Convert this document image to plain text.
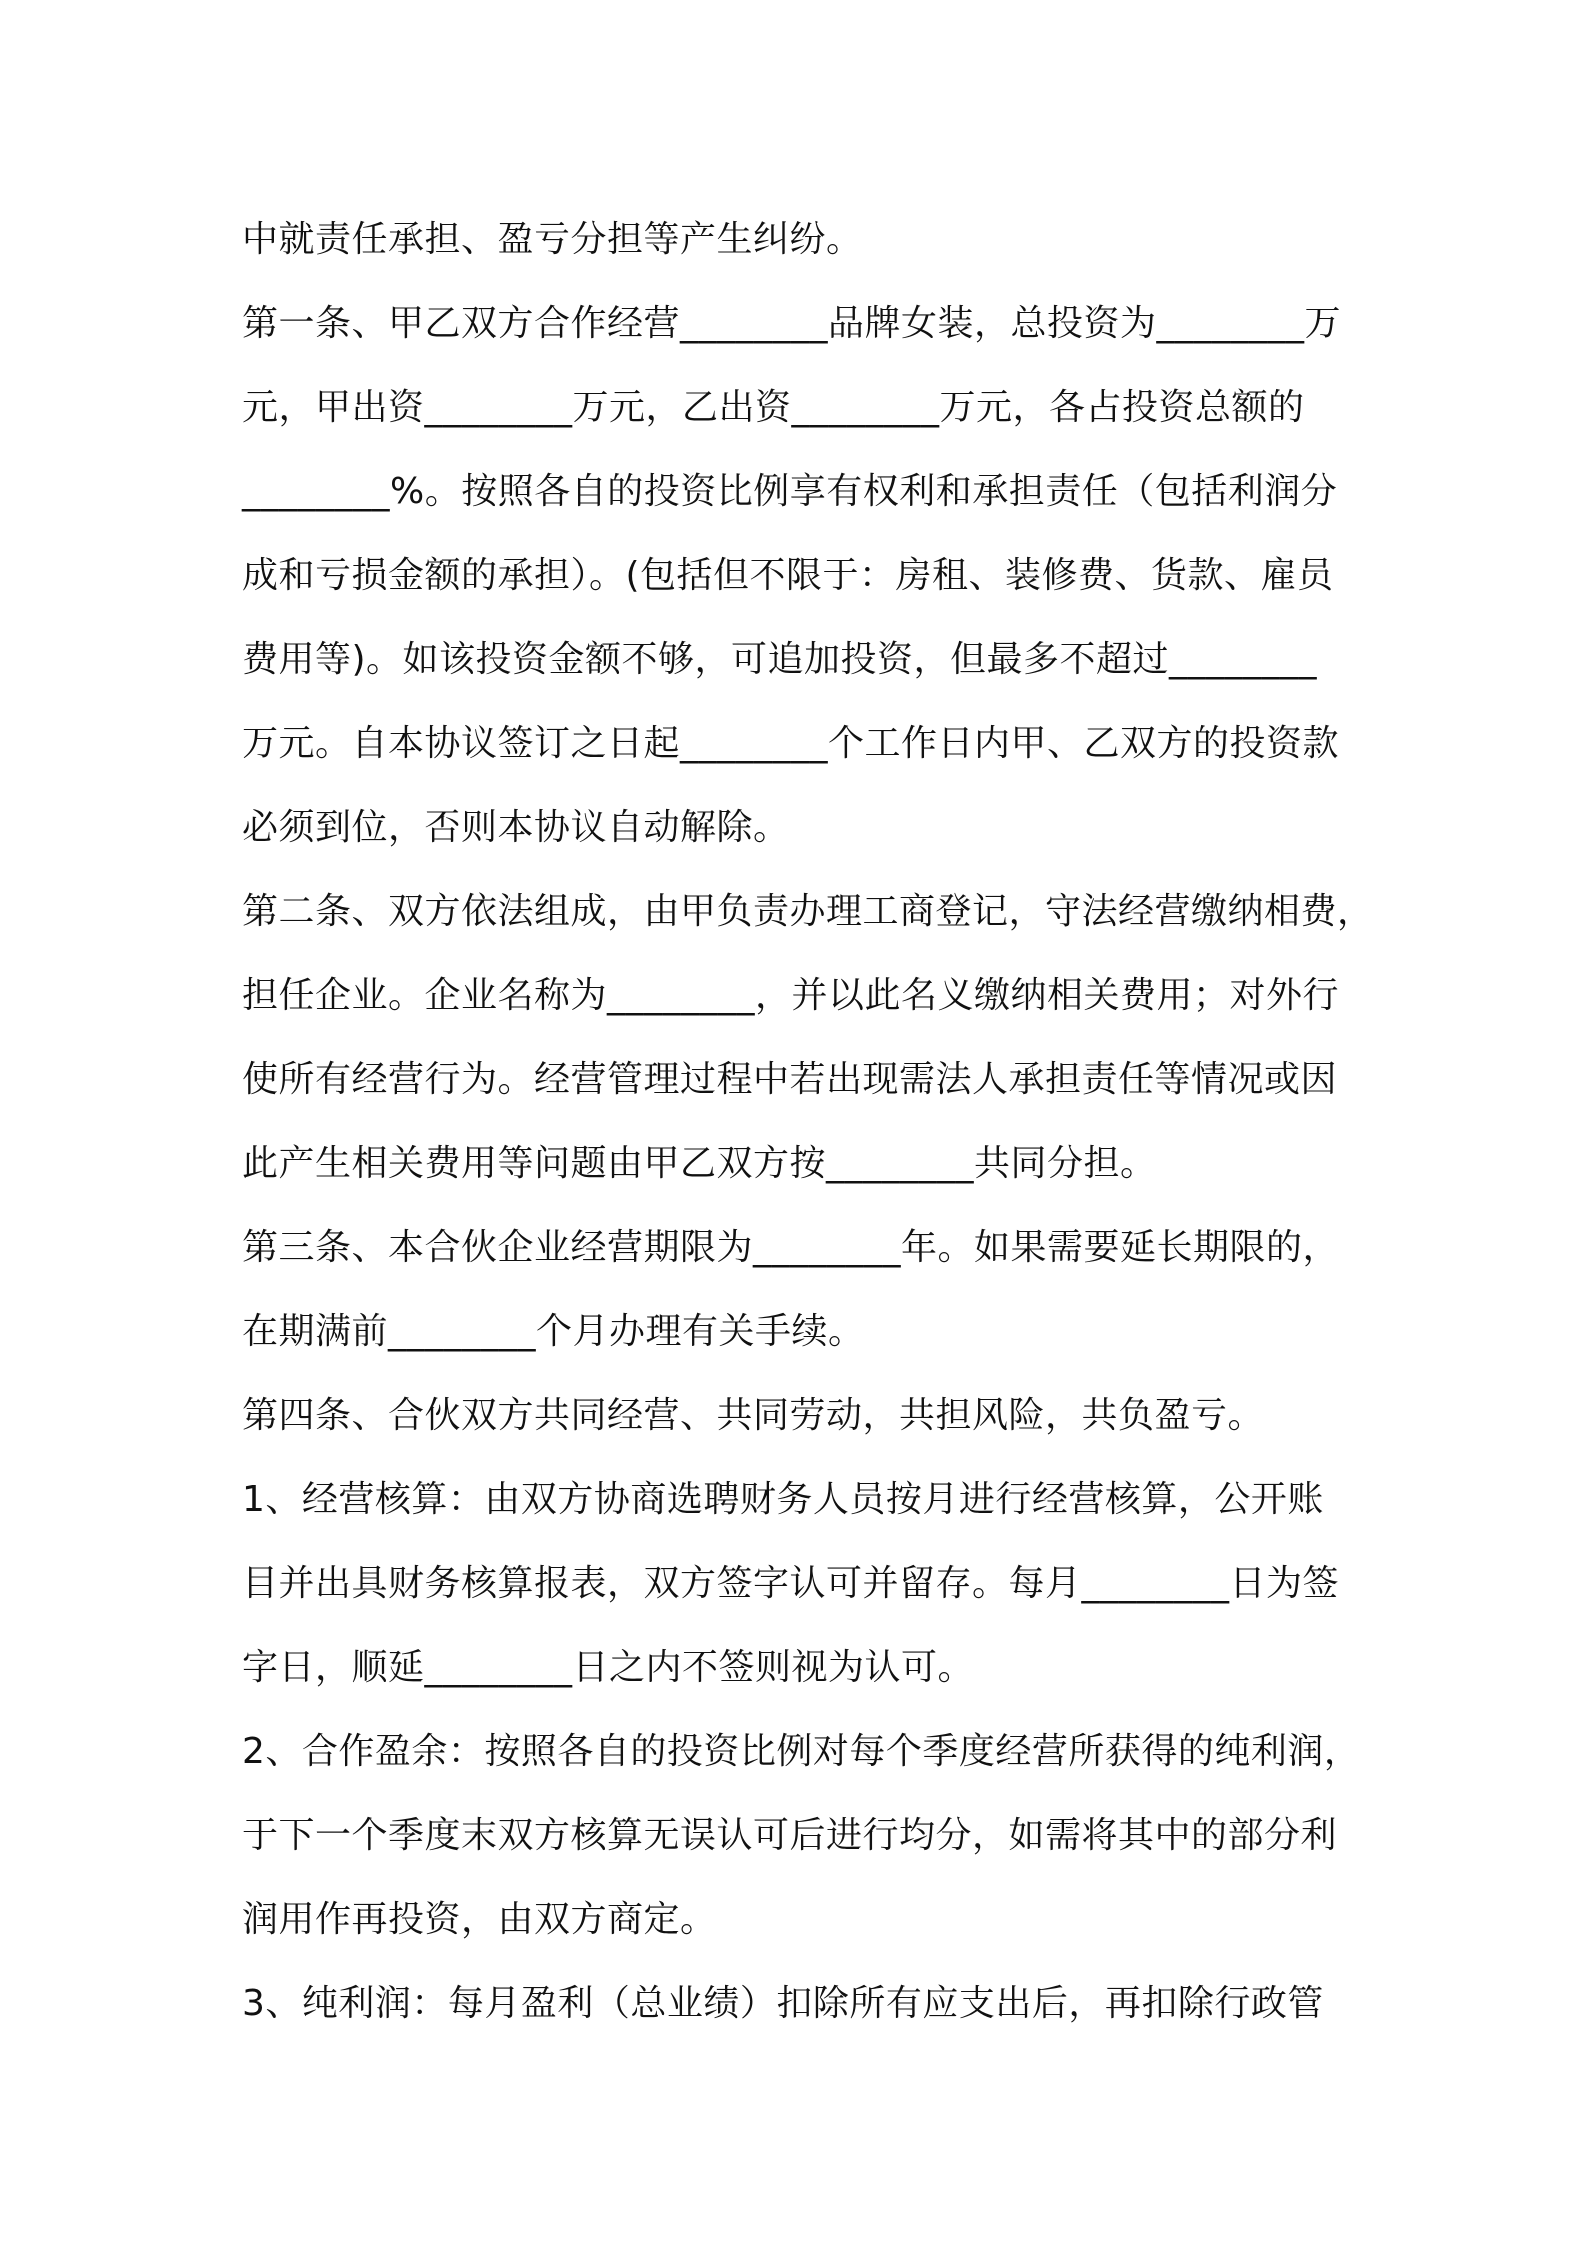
中就责任承担、盈亏分担等产生纠纷。
第一条、甲乙双方合作经营________品牌女装，总投资为________万
元，甲出资________万元，乙出资________万元，各占投资总额的
________%。按照各自的投资比例享有权利和承担责任（包括利润分
成和亏损金额的承担）。(包括但不限于：房租、装修费、货款、雇员
费用等)。如该投资金额不够，可追加投资，但最多不超过________
万元。自本协议签订之日起________个工作日内甲、乙双方的投资款
必须到位，否则本协议自动解除。
第二条、双方依法组成，由甲负责办理工商登记，守法经营缴纳相费，
担任企业。企业名称为________，并以此名义缴纳相关费用；对外行
使所有经营行为。经营管理过程中若出现需法人承担责任等情况或因
此产生相关费用等问题由甲乙双方按________共同分担。
第三条、本合伙企业经营期限为________年。如果需要延长期限的，
在期满前________个月办理有关手续。
第四条、合伙双方共同经营、共同劳动，共担风险，共负盈亏。
1、经营核算：由双方协商选聘财务人员按月进行经营核算，公开账
目并出具财务核算报表，双方签字认可并留存。每月________日为签
字日，顺延________日之内不签则视为认可。
2、合作盈余：按照各自的投资比例对每个季度经营所获得的纯利润，
于下一个季度末双方核算无误认可后进行均分，如需将其中的部分利
润用作再投资，由双方商定。
3、纯利润：每月盈利（总业绩）扣除所有应支出后，再扣除行政管
